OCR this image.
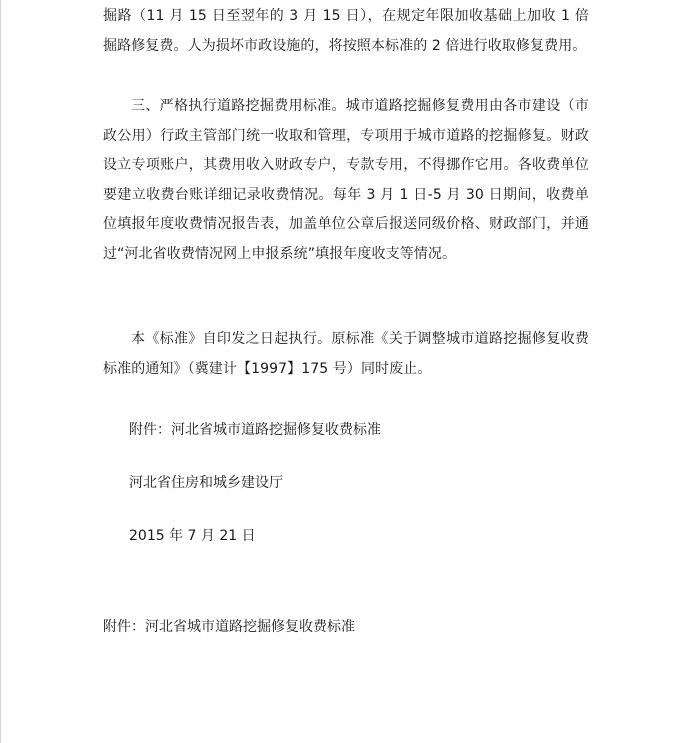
掘路（11 月 15 日至翌年的 3 月 15 日），在规定年限加收基础上加收 1 倍掘路修复费。人为损坏市政设施的，将按照本标准的 2 倍进行收取修复费用。

三、严格执行道路挖掘费用标准。城市道路挖掘修复费用由各市建设（市政公用）行政主管部门统一收取和管理，专项用于城市道路的挖掘修复。财政设立专项账户，其费用收入财政专户，专款专用，不得挪作它用。各收费单位要建立收费台账详细记录收费情况。每年 3 月 1 日-5 月 30 日期间，收费单位填报年度收费情况报告表，加盖单位公章后报送同级价格、财政部门，并通过“河北省收费情况网上申报系统”填报年度收支等情况。

本《标准》自印发之日起执行。原标准《关于调整城市道路挖掘修复收费标准的通知》（冀建计【1997】175 号）同时废止。

附件：河北省城市道路挖掘修复收费标准

河北省住房和城乡建设厅

2015 年 7 月 21 日

附件：河北省城市道路挖掘修复收费标准
